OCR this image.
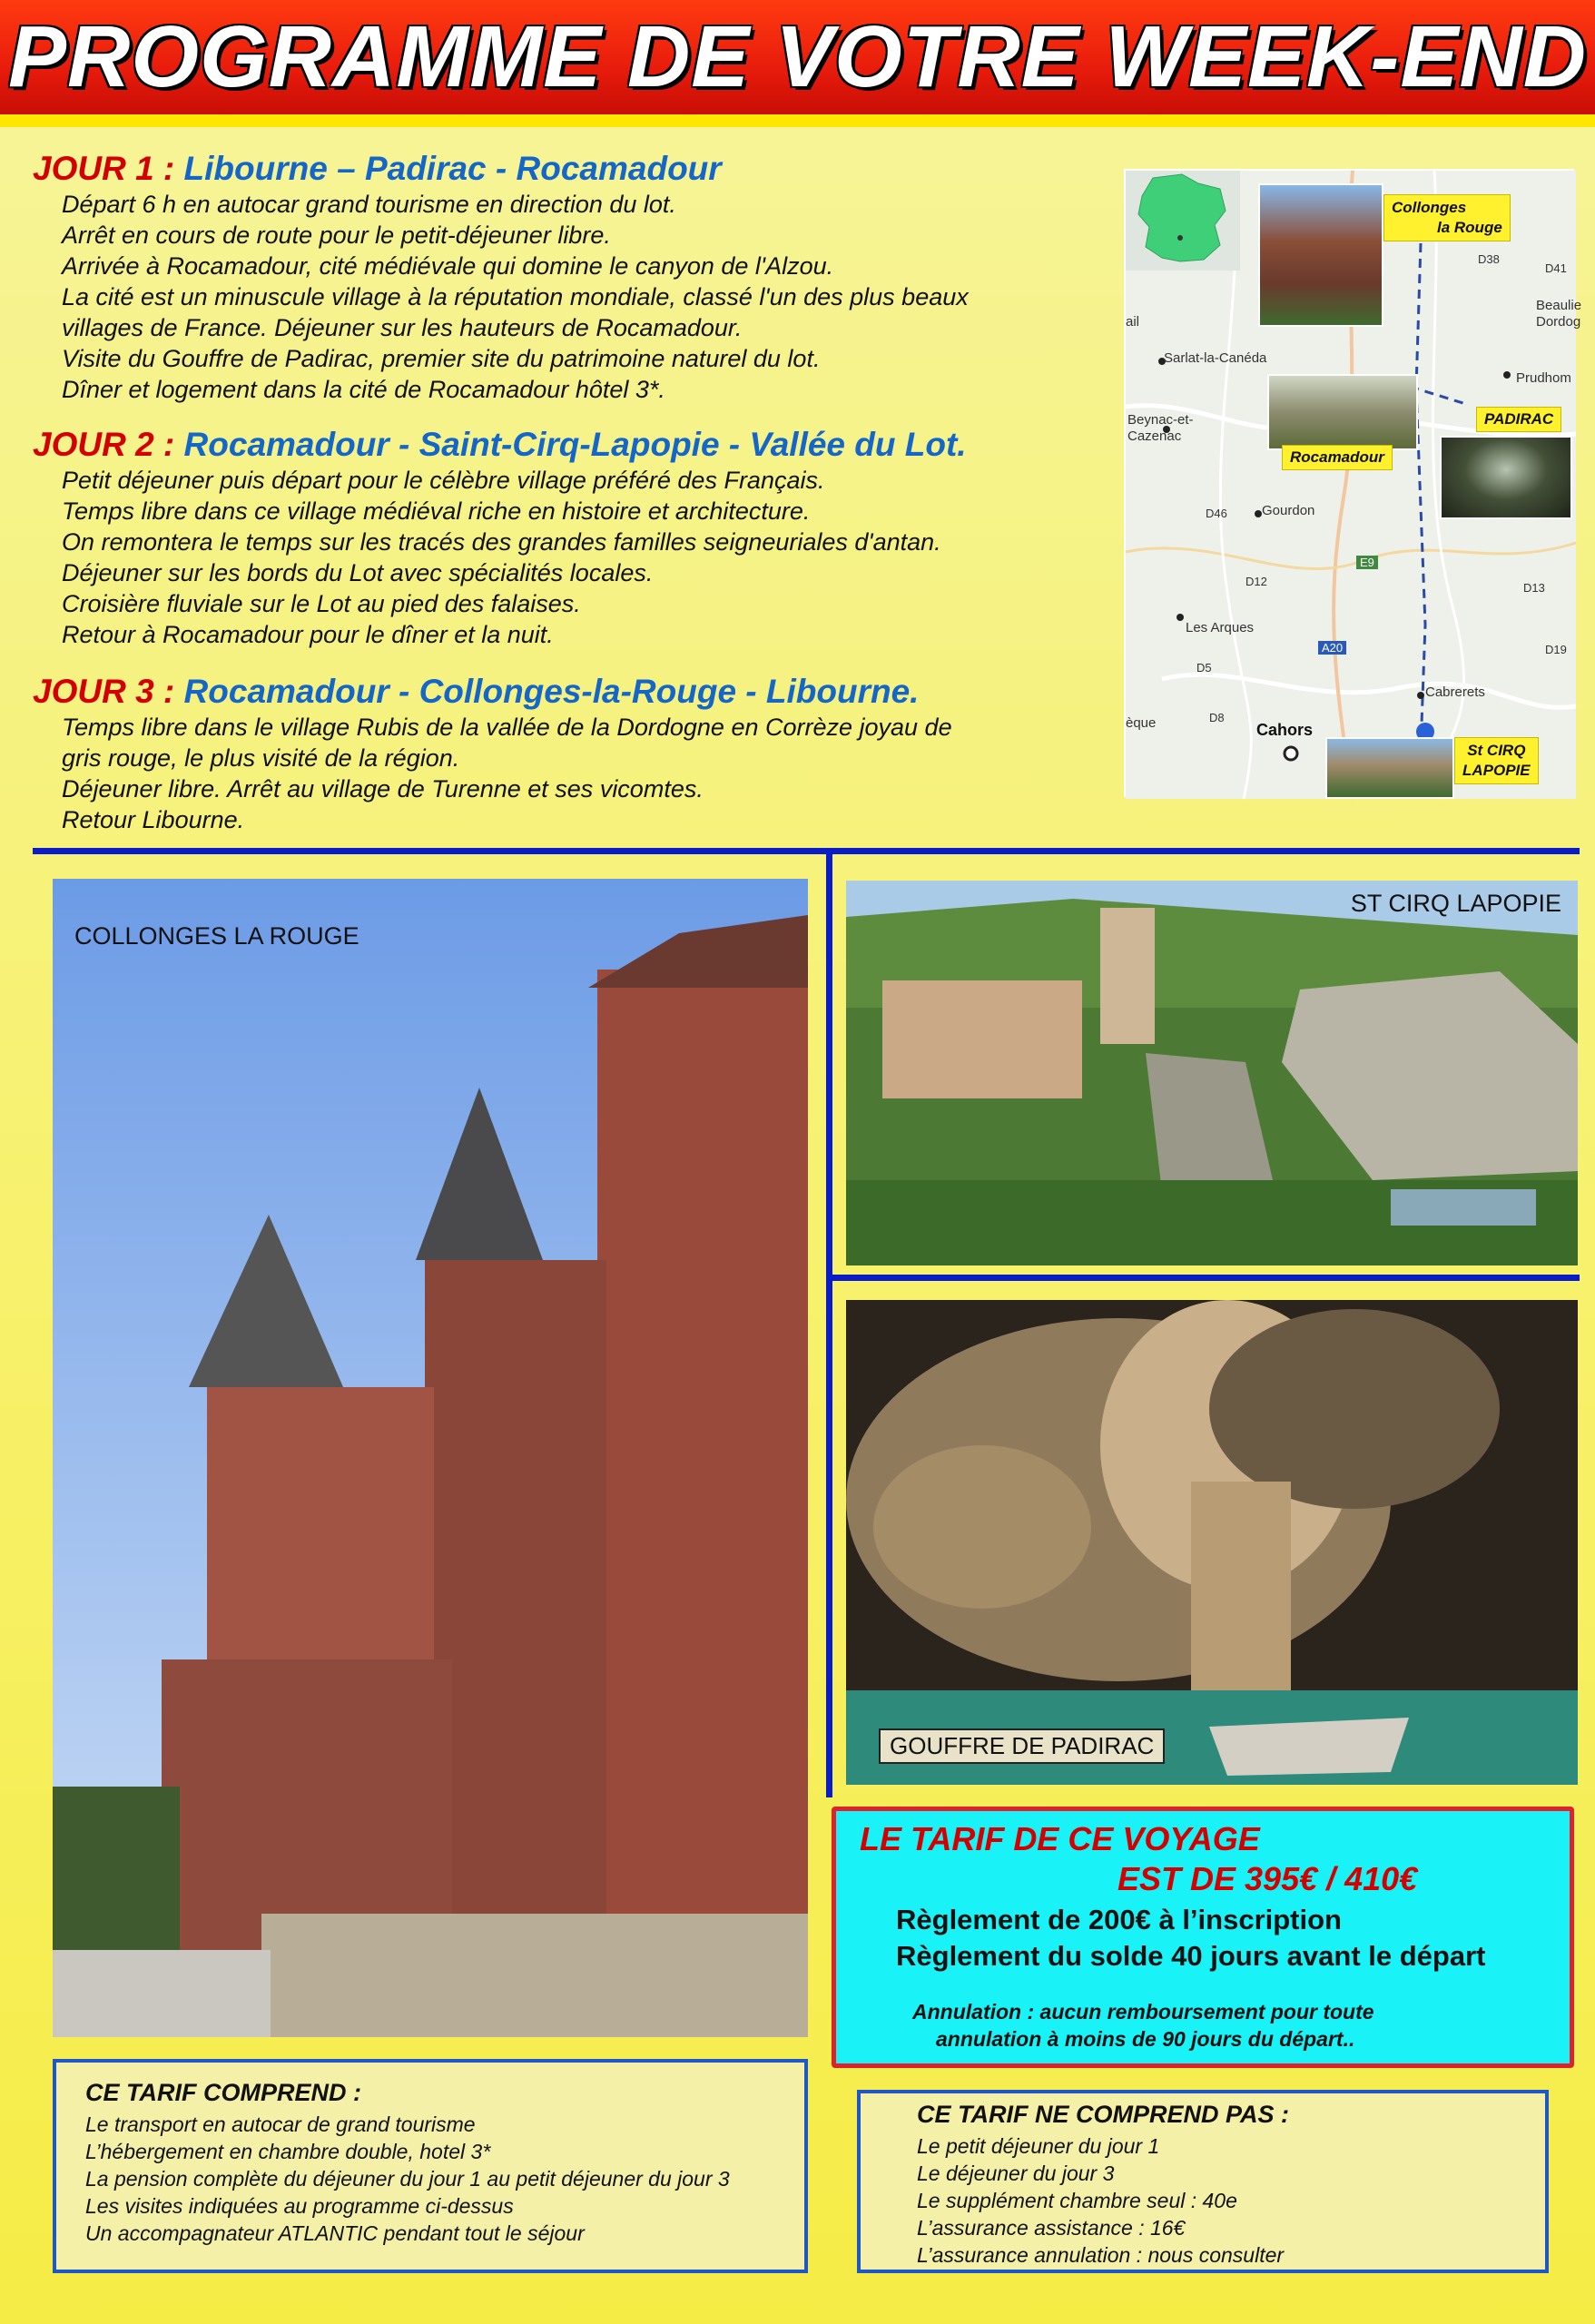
PROGRAMME DE VOTRE WEEK-END
JOUR 1 : Libourne – Padirac - Rocamadour
Départ 6 h en autocar grand tourisme en direction du lot.
Arrêt en cours de route pour le petit-déjeuner libre.
Arrivée à Rocamadour, cité médiévale qui domine le canyon de l'Alzou.
La cité est un minuscule village à la réputation mondiale, classé l'un des plus beaux
villages de France. Déjeuner sur les hauteurs de Rocamadour.
Visite du Gouffre de Padirac, premier site du patrimoine naturel du lot.
Dîner et logement dans la cité de Rocamadour hôtel 3*.
JOUR 2 : Rocamadour - Saint-Cirq-Lapopie - Vallée du Lot.
Petit déjeuner puis départ pour le célèbre village préféré des Français.
Temps libre dans ce village médiéval riche en histoire et architecture.
On remontera le temps sur les tracés des grandes familles seigneuriales d'antan.
Déjeuner sur les bords du Lot avec spécialités locales.
Croisière fluviale sur le Lot au pied des falaises.
Retour à Rocamadour pour le dîner et la nuit.
JOUR 3 : Rocamadour - Collonges-la-Rouge - Libourne.
Temps libre dans le village Rubis de la vallée de la Dordogne en Corrèze joyau de
gris rouge, le plus visité de la région.
Déjeuner libre. Arrêt au village de Turenne et ses vicomtes.
Retour Libourne.
Collonges
la Rouge
PADIRAC
Rocamadour
St CIRQ
LAPOPIE
Sarlat-la-Canéda
Beynac-et-
Cazenac
Gourdon
Les Arques
Cabrerets
Cahors
Beaulie
Dordog
Prudhom
èque
ail
D38
D41
D46
D12
D5
D8
D13
D19
E9
A20
COLLONGES LA ROUGE
ST CIRQ LAPOPIE
GOUFFRE DE PADIRAC
LE TARIF DE CE VOYAGE
EST DE 395€ / 410€
Règlement de 200€ à l’inscription
Règlement du solde 40 jours avant le départ
Annulation : aucun remboursement pour toute
annulation à moins de 90 jours du départ..
CE TARIF COMPREND :
Le transport en autocar de grand tourisme
L’hébergement en chambre double, hotel 3*
La pension complète du déjeuner du jour 1 au petit déjeuner du jour 3
Les visites indiquées au programme ci-dessus
Un accompagnateur ATLANTIC pendant tout le séjour
CE TARIF NE COMPREND PAS :
Le petit déjeuner du jour 1
Le déjeuner du jour 3
Le supplément chambre seul : 40e
L’assurance assistance : 16€
L’assurance annulation : nous consulter
